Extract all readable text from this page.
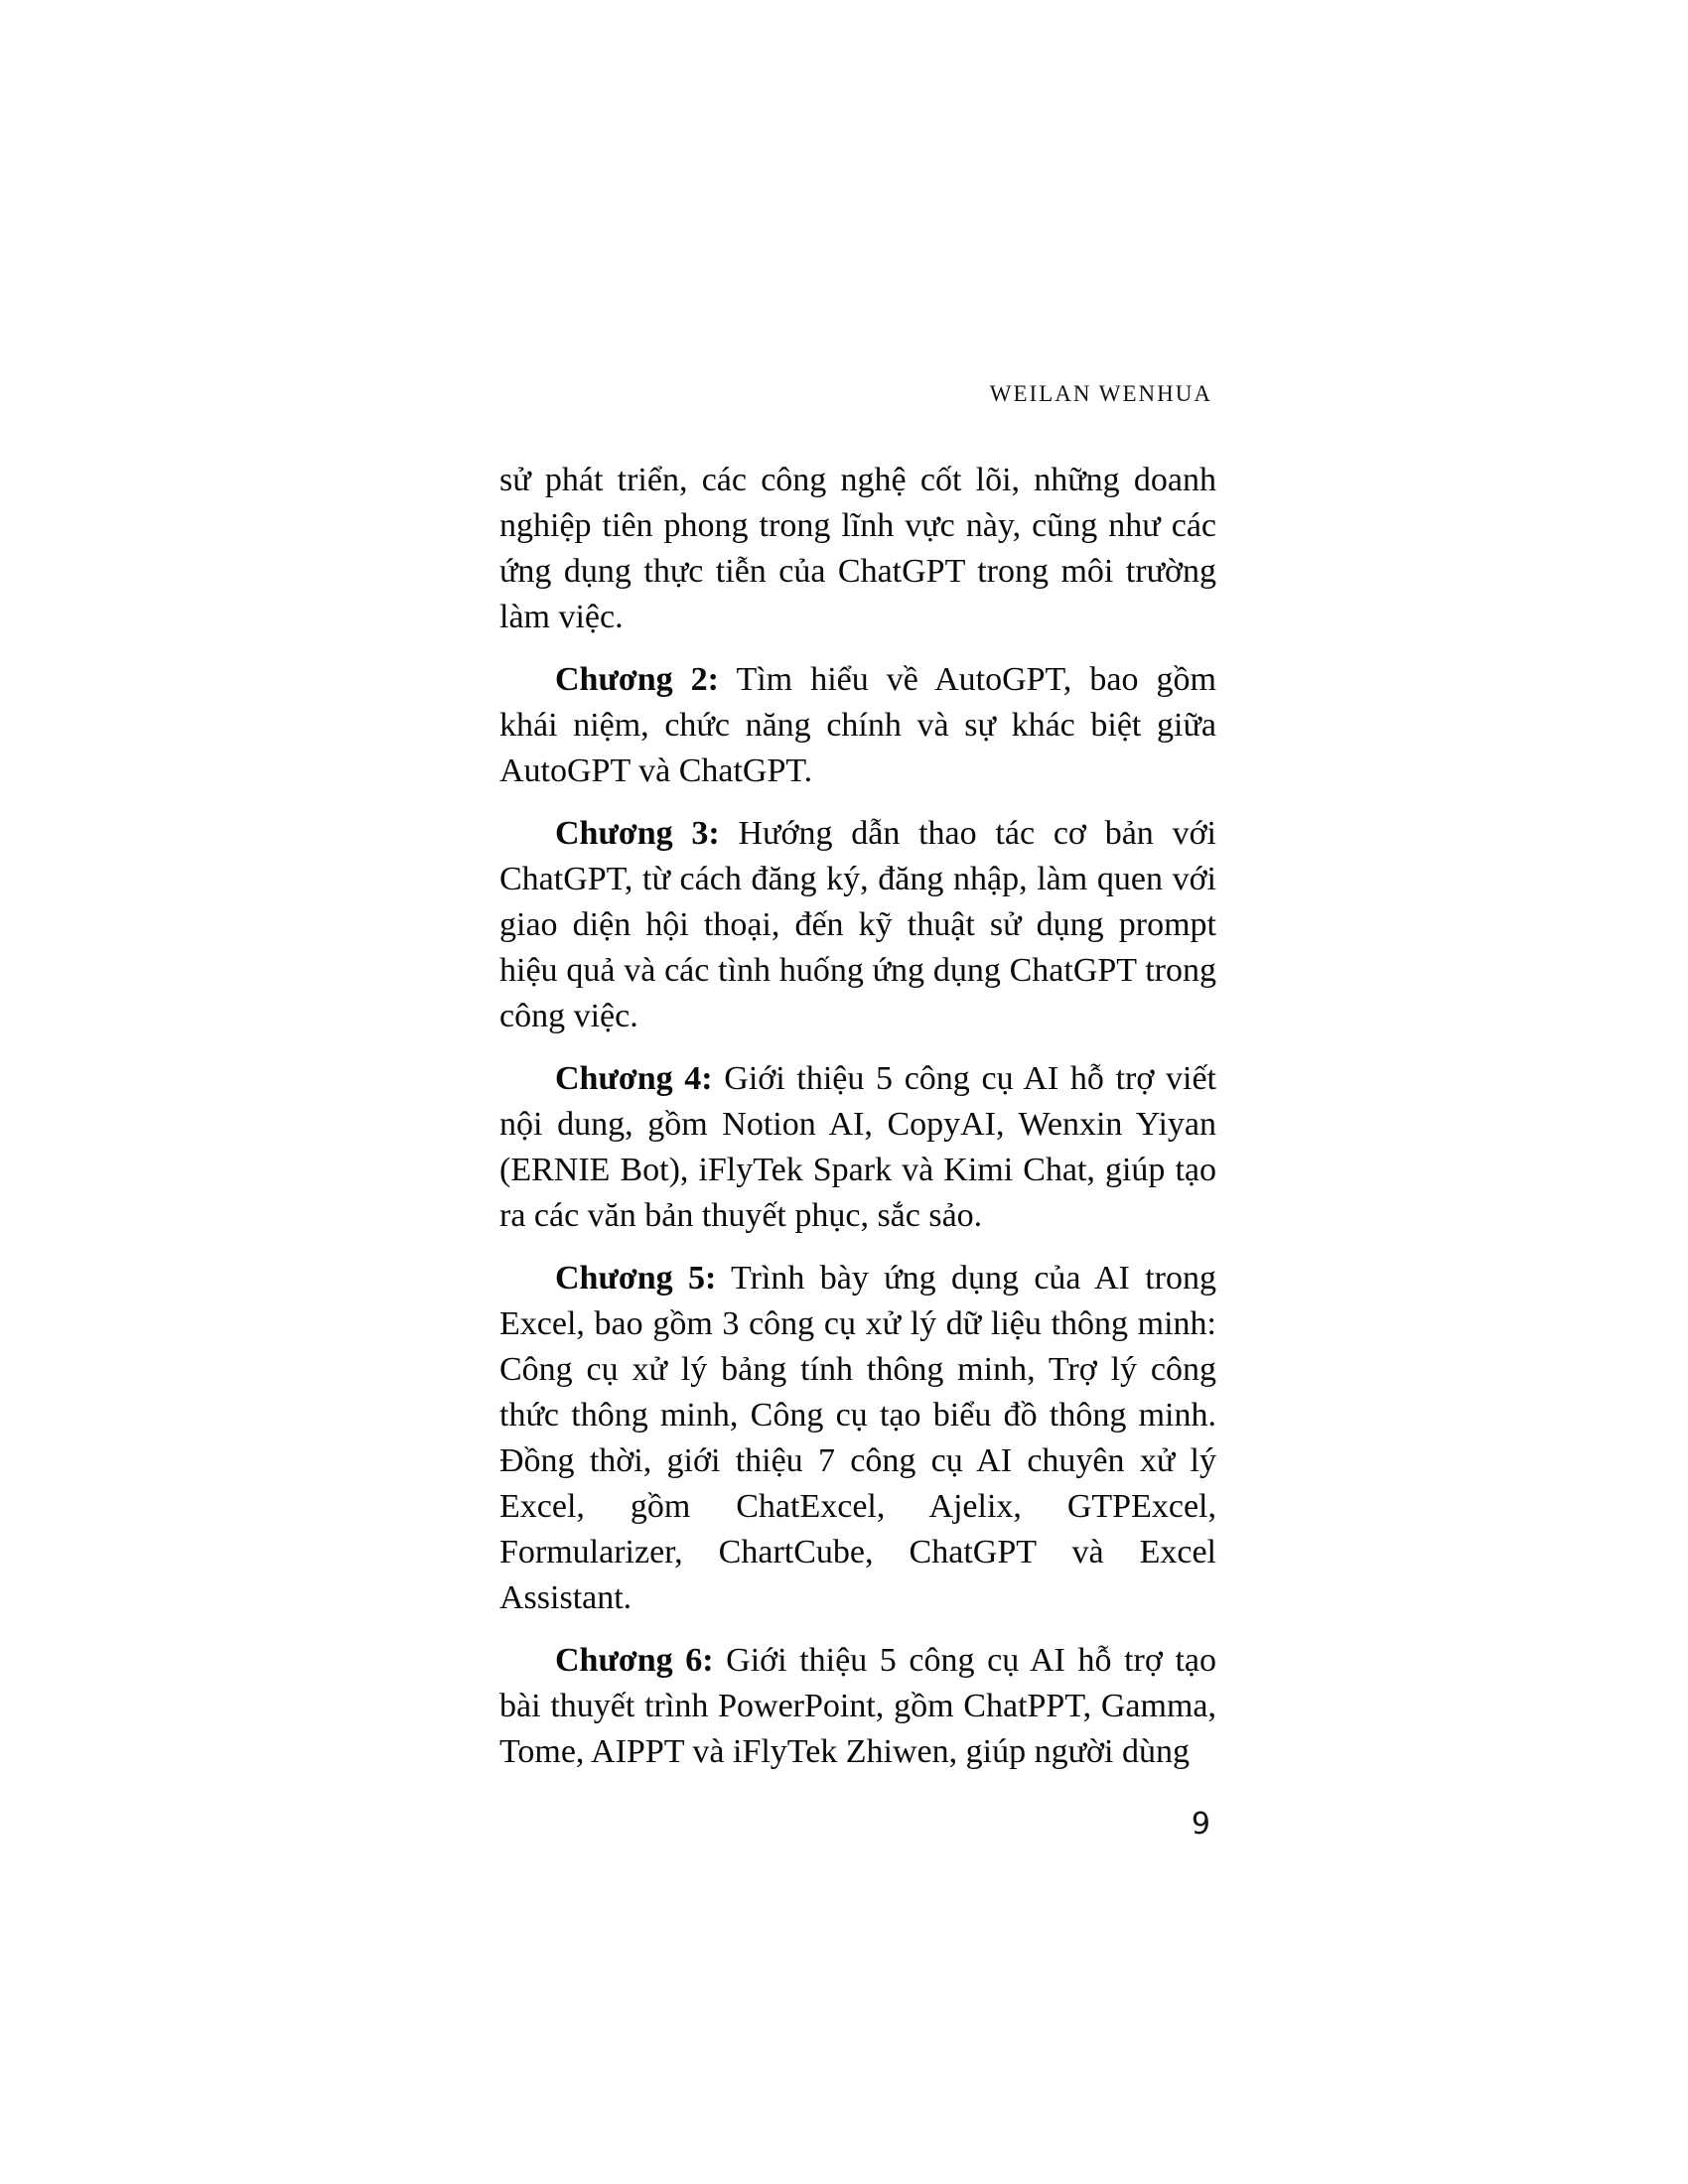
WEILAN WENHUA

sử phát triển, các công nghệ cốt lõi, những doanh nghiệp tiên phong trong lĩnh vực này, cũng như các ứng dụng thực tiễn của ChatGPT trong môi trường làm việc.

Chương 2: Tìm hiểu về AutoGPT, bao gồm khái niệm, chức năng chính và sự khác biệt giữa AutoGPT và ChatGPT.

Chương 3: Hướng dẫn thao tác cơ bản với ChatGPT, từ cách đăng ký, đăng nhập, làm quen với giao diện hội thoại, đến kỹ thuật sử dụng prompt hiệu quả và các tình huống ứng dụng ChatGPT trong công việc.

Chương 4: Giới thiệu 5 công cụ AI hỗ trợ viết nội dung, gồm Notion AI, CopyAI, Wenxin Yiyan (ERNIE Bot), iFlyTek Spark và Kimi Chat, giúp tạo ra các văn bản thuyết phục, sắc sảo.

Chương 5: Trình bày ứng dụng của AI trong Excel, bao gồm 3 công cụ xử lý dữ liệu thông minh: Công cụ xử lý bảng tính thông minh, Trợ lý công thức thông minh, Công cụ tạo biểu đồ thông minh. Đồng thời, giới thiệu 7 công cụ AI chuyên xử lý Excel, gồm ChatExcel, Ajelix, GTPExcel, Formularizer, ChartCube, ChatGPT và Excel Assistant.

Chương 6: Giới thiệu 5 công cụ AI hỗ trợ tạo bài thuyết trình PowerPoint, gồm ChatPPT, Gamma, Tome, AIPPT và iFlyTek Zhiwen, giúp người dùng

9
